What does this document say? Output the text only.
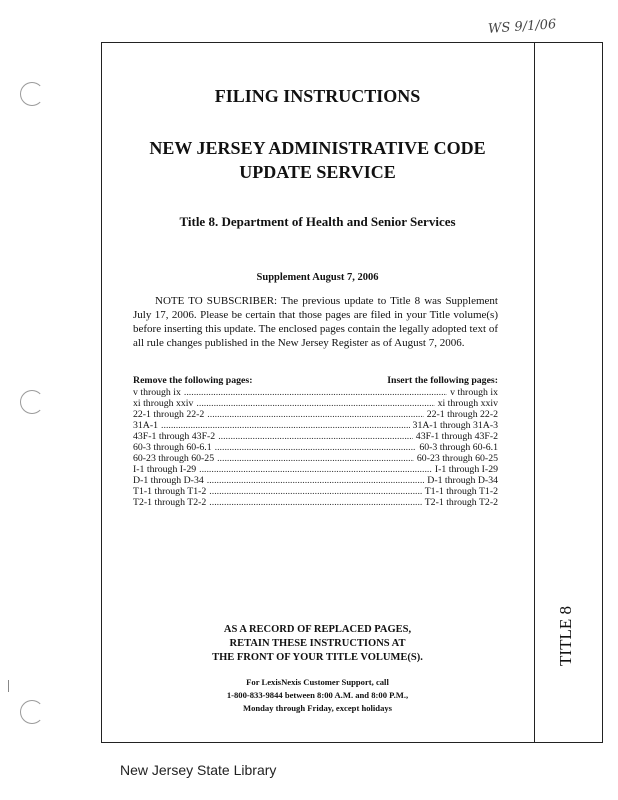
WS 9/1/06
TITLE 8
FILING INSTRUCTIONS
NEW JERSEY ADMINISTRATIVE CODE
UPDATE SERVICE
Title 8. Department of Health and Senior Services
Supplement August 7, 2006

NOTE TO SUBSCRIBER: The previous update to Title 8 was Supplement July 17, 2006. Please be certain that those pages are filed in your Title volume(s) before inserting this update. The enclosed pages contain the legally adopted text of all rule changes published in the New Jersey Register as of August 7, 2006.

Remove the following pages:	Insert the following pages:
v through ix .....	v through ix
xi through xxiv .....	xi through xxiv
22-1 through 22-2 .....	22-1 through 22-2
31A-1 .....	31A-1 through 31A-3
43F-1 through 43F-2 .....	43F-1 through 43F-2
60-3 through 60-6.1 .....	60-3 through 60-6.1
60-23 through 60-25 .....	60-23 through 60-25
I-1 through I-29 .....	I-1 through I-29
D-1 through D-34 .....	D-1 through D-34
T1-1 through T1-2 .....	T1-1 through T1-2
T2-1 through T2-2 .....	T2-1 through T2-2
AS A RECORD OF REPLACED PAGES,
RETAIN THESE INSTRUCTIONS AT
THE FRONT OF YOUR TITLE VOLUME(S).
For LexisNexis Customer Support, call
1-800-833-9844 between 8:00 A.M. and 8:00 P.M.,
Monday through Friday, except holidays
New Jersey State Library
